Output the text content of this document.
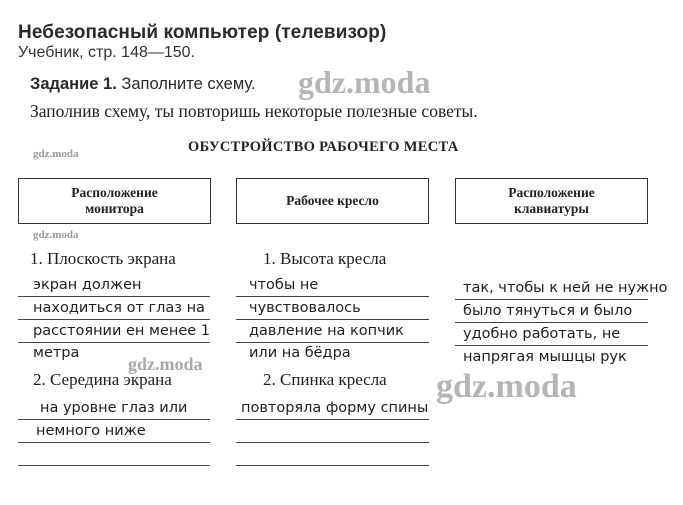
Небезопасный компьютер (телевизор)
Учебник, стр. 148—150.
Задание 1. Заполните схему. gdz.moda
Заполнив схему, ты повторишь некоторые полезные советы.
gdz.moda	ОБУСТРОЙСТВО РАБОЧЕГО МЕСТА
Расположение монитора
Рабочее кресло
Расположение клавиатуры
gdz.moda
1. Плоскость экрана
экран должен
находиться от глаз на
расстоянии ен менее 1
метра
gdz.moda
2. Середина экрана
на уровне глаз или
немного ниже
1. Высота кресла
чтобы не
чувствовалось
давление на копчик
или на бёдра
2. Спинка кресла
повторяла форму спины
так, чтобы к ней не нужно
было тянуться и было
удобно работать, не
напрягая мышцы рук
gdz.moda
